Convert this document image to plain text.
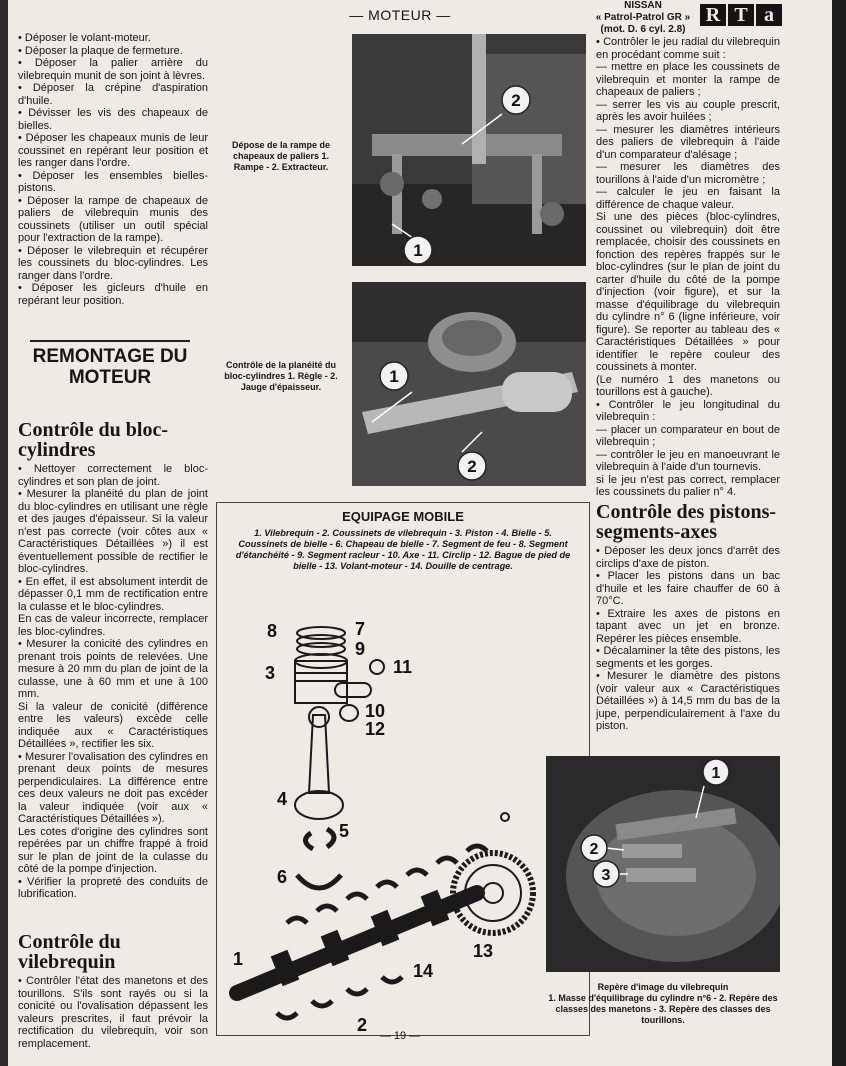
— MOTEUR —
NISSAN
« Patrol-Patrol GR »
(mot. D. 6 cyl. 2.8)
R T a

• Déposer le volant-moteur.

• Déposer la plaque de fermeture.

• Déposer la palier arrière du vilebrequin munit de son joint à lèvres.

• Déposer la crépine d'aspiration d'huile.

• Dévisser les vis des chapeaux de bielles.

• Déposer les chapeaux munis de leur coussinet en repérant leur position et les ranger dans l'ordre.

• Déposer les ensembles bielles-pistons.

• Déposer la rampe de chapeaux de paliers de vilebrequin munis des coussinets (utiliser un outil spécial pour l'extraction de la rampe).

• Déposer le vilebrequin et récupérer les coussinets du bloc-cylindres. Les ranger dans l'ordre.

• Déposer les gicleurs d'huile en repérant leur position.

REMONTAGE DU MOTEUR
Contrôle du bloc-cylindres

• Nettoyer correctement le bloc-cylindres et son plan de joint.

• Mesurer la planéité du plan de joint du bloc-cylindres en utilisant une règle et des jauges d'épaisseur. Si la valeur n'est pas correcte (voir côtes aux « Caractéristiques Détaillées ») il est éventuellement possible de rectifier le bloc-cylindres.

• En effet, il est absolument interdit de dépasser 0,1 mm de rectification entre la culasse et le bloc-cylindres.

En cas de valeur incorrecte, remplacer les bloc-cylindres.

• Mesurer la conicité des cylindres en prenant trois points de relevées. Une mesure à 20 mm du plan de joint de la culasse, une à 60 mm et une à 100 mm.

Si la valeur de conicité (différence entre les valeurs) excède celle indiquée aux « Caractéristiques Détaillées », rectifier les six.

• Mesurer l'ovalisation des cylindres en prenant deux points de mesures perpendiculaires. La différence entre ces deux valeurs ne doit pas excéder la valeur indiquée (voir aux « Caractéristiques Détaillées »).

Les cotes d'origine des cylindres sont repérées par un chiffre frappé à froid sur le plan de joint de la culasse du côté de la pompe d'injection.

• Vérifier la propreté des conduits de lubrification.

Contrôle du vilebrequin

• Contrôler l'état des manetons et des tourillons. S'ils sont rayés ou si la conicité ou l'ovalisation dépassent les valeurs prescrites, il faut prévoir la rectification du vilebrequin, voir son remplacement.

Dépose de la rampe de chapeaux de paliers 1. Rampe - 2. Extracteur.
2
1
Contrôle de la planéité du bloc-cylindres 1. Règle - 2. Jauge d'épaisseur.
1
2
EQUIPAGE MOBILE
1. Vilebrequin - 2. Coussinets de vilebrequin - 3. Piston - 4. Bielle - 5. Coussinets de bielle - 6. Chapeau de bielle - 7. Segment de feu - 8. Segment d'étanchéité - 9. Segment racleur - 10. Axe - 11. Circlip - 12. Bague de pied de bielle - 13. Volant-moteur - 14. Douille de centrage.
8	7
9
3	11
10
12
4
5
6
1
14
13
2

• Contrôler le jeu radial du vilebrequin en procédant comme suit :

— mettre en place les coussinets de vilebrequin et monter la rampe de chapeaux de paliers ;

— serrer les vis au couple prescrit, après les avoir huilées ;

— mesurer les diamètres intérieurs des paliers de vilebrequin à l'aide d'un comparateur d'alésage ;

— mesurer les diamètres des tourillons à l'aide d'un micromètre ;

— calculer le jeu en faisant la différence de chaque valeur.

Si une des pièces (bloc-cylindres, coussinet ou vilebrequin) doit être remplacée, choisir des coussinets en fonction des repères frappés sur le bloc-cylindres (sur le plan de joint du carter d'huile du côté de la pompe d'injection (voir figure), et sur la masse d'équilibrage du vilebrequin du cylindre n° 6 (ligne inférieure, voir figure). Se reporter au tableau des « Caractéristiques Détaillées » pour identifier le repère couleur des coussinets à monter.

(Le numéro 1 des manetons ou tourillons est à gauche).

• Contrôler le jeu longitudinal du vilebrequin :

— placer un comparateur en bout de vilebrequin ;

— contrôler le jeu en manoeuvrant le vilebrequin à l'aide d'un tournevis.

si le jeu n'est pas correct, remplacer les coussinets du palier n° 4.

Contrôle des pistons-segments-axes

• Déposer les deux joncs d'arrêt des circlips d'axe de piston.

• Placer les pistons dans un bac d'huile et les faire chauffer de 60 à 70°C.

• Extraire les axes de pistons en tapant avec un jet en bronze. Repérer les pièces ensemble.

• Décalaminer la tête des pistons, les segments et les gorges.

• Mesurer le diamètre des pistons (voir valeur aux « Caractéristiques Détaillées ») à 14,5 mm du bas de la jupe, perpendiculairement à l'axe du piston.

1
2
3
Repère d'image du vilebrequin
1. Masse d'équilibrage du cylindre n°6 - 2. Repère des classes des manetons - 3. Repère des classes des tourillons.
— 19 —
